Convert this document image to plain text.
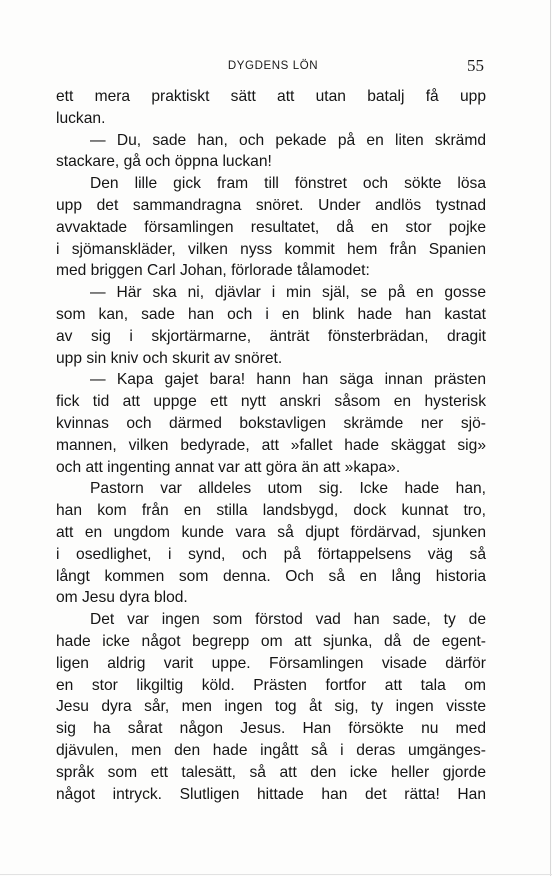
DYGDENS LÖN	55
ett mera praktiskt sätt att utan batalj få upp
luckan.
— Du, sade han, och pekade på en liten skrämd
stackare, gå och öppna luckan!
Den lille gick fram till fönstret och sökte lösa
upp det sammandragna snöret. Under andlös tystnad
avvaktade församlingen resultatet, då en stor pojke
i sjömanskläder, vilken nyss kommit hem från Spanien
med briggen Carl Johan, förlorade tålamodet:
— Här ska ni, djävlar i min själ, se på en gosse
som kan, sade han och i en blink hade han kastat
av sig i skjortärmarne, änträt fönsterbrädan, dragit
upp sin kniv och skurit av snöret.
— Kapa gajet bara! hann han säga innan prästen
fick tid att uppge ett nytt anskri såsom en hysterisk
kvinnas och därmed bokstavligen skrämde ner sjö-
mannen, vilken bedyrade, att »fallet hade skäggat sig»
och att ingenting annat var att göra än att »kapa».
Pastorn var alldeles utom sig. Icke hade han,
han kom från en stilla landsbygd, dock kunnat tro,
att en ungdom kunde vara så djupt fördärvad, sjunken
i osedlighet, i synd, och på förtappelsens väg så
långt kommen som denna. Och så en lång historia
om Jesu dyra blod.
Det var ingen som förstod vad han sade, ty de
hade icke något begrepp om att sjunka, då de egent-
ligen aldrig varit uppe. Församlingen visade därför
en stor likgiltig köld. Prästen fortfor att tala om
Jesu dyra sår, men ingen tog åt sig, ty ingen visste
sig ha sårat någon Jesus. Han försökte nu med
djävulen, men den hade ingått så i deras umgänges-
språk som ett talesätt, så att den icke heller gjorde
något intryck. Slutligen hittade han det rätta! Han
